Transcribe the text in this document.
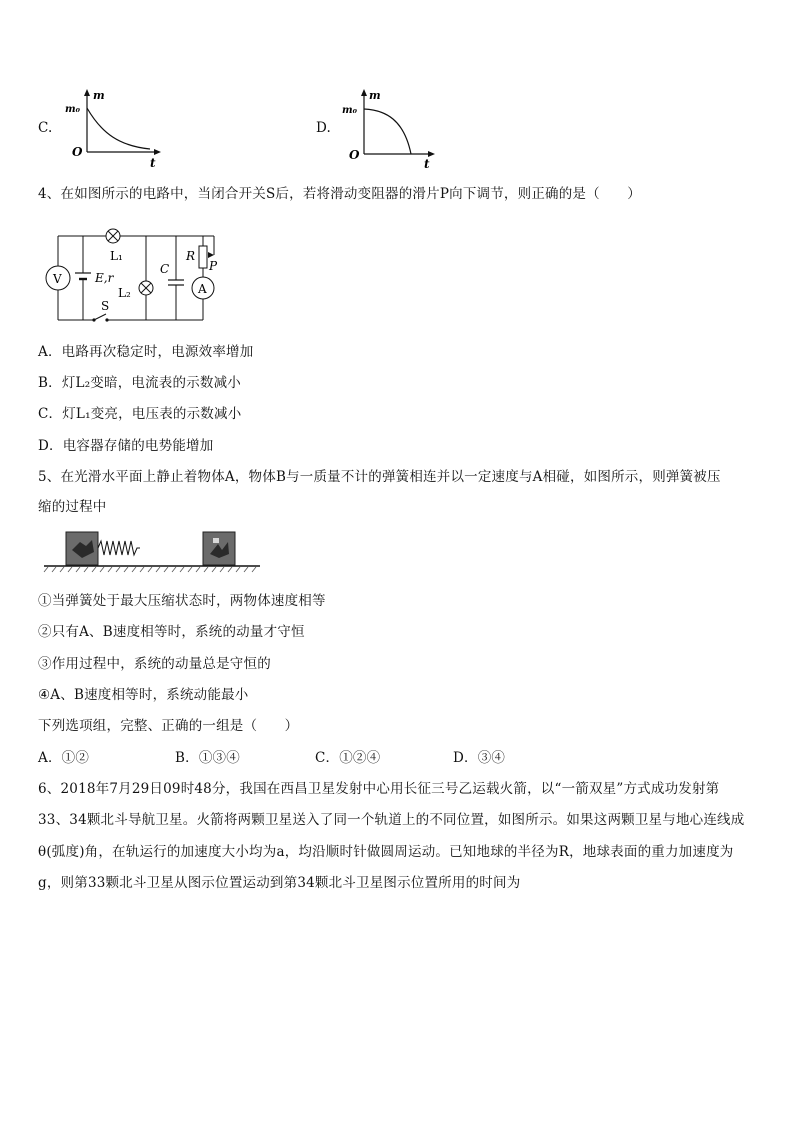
C.
m
m₀
O
t
D.
m
m₀
O
t
4、在如图所示的电路中，当闭合开关S后，若将滑动变阻器的滑片P向下调节，则正确的是（　　）
V	E,r
L₁
S
L₂
C
R
P
A
A．电路再次稳定时，电源效率增加
B．灯L₂变暗，电流表的示数减小
C．灯L₁变亮，电压表的示数减小
D．电容器存储的电势能增加
5、在光滑水平面上静止着物体A，物体B与一质量不计的弹簧相连并以一定速度与A相碰，如图所示，则弹簧被压
缩的过程中
①当弹簧处于最大压缩状态时，两物体速度相等
②只有A、B速度相等时，系统的动量才守恒
③作用过程中，系统的动量总是守恒的
④A、B速度相等时，系统动能最小
下列选项组，完整、正确的一组是（　　）
A．①②	B．①③④	C．①②④	D．③④
6、2018年7月29日09时48分，我国在西昌卫星发射中心用长征三号乙运载火箭，以“一箭双星”方式成功发射第
33、34颗北斗导航卫星。火箭将两颗卫星送入了同一个轨道上的不同位置，如图所示。如果这两颗卫星与地心连线成
θ(弧度)角，在轨运行的加速度大小均为a，均沿顺时针做圆周运动。已知地球的半径为R，地球表面的重力加速度为
g，则第33颗北斗卫星从图示位置运动到第34颗北斗卫星图示位置所用的时间为
